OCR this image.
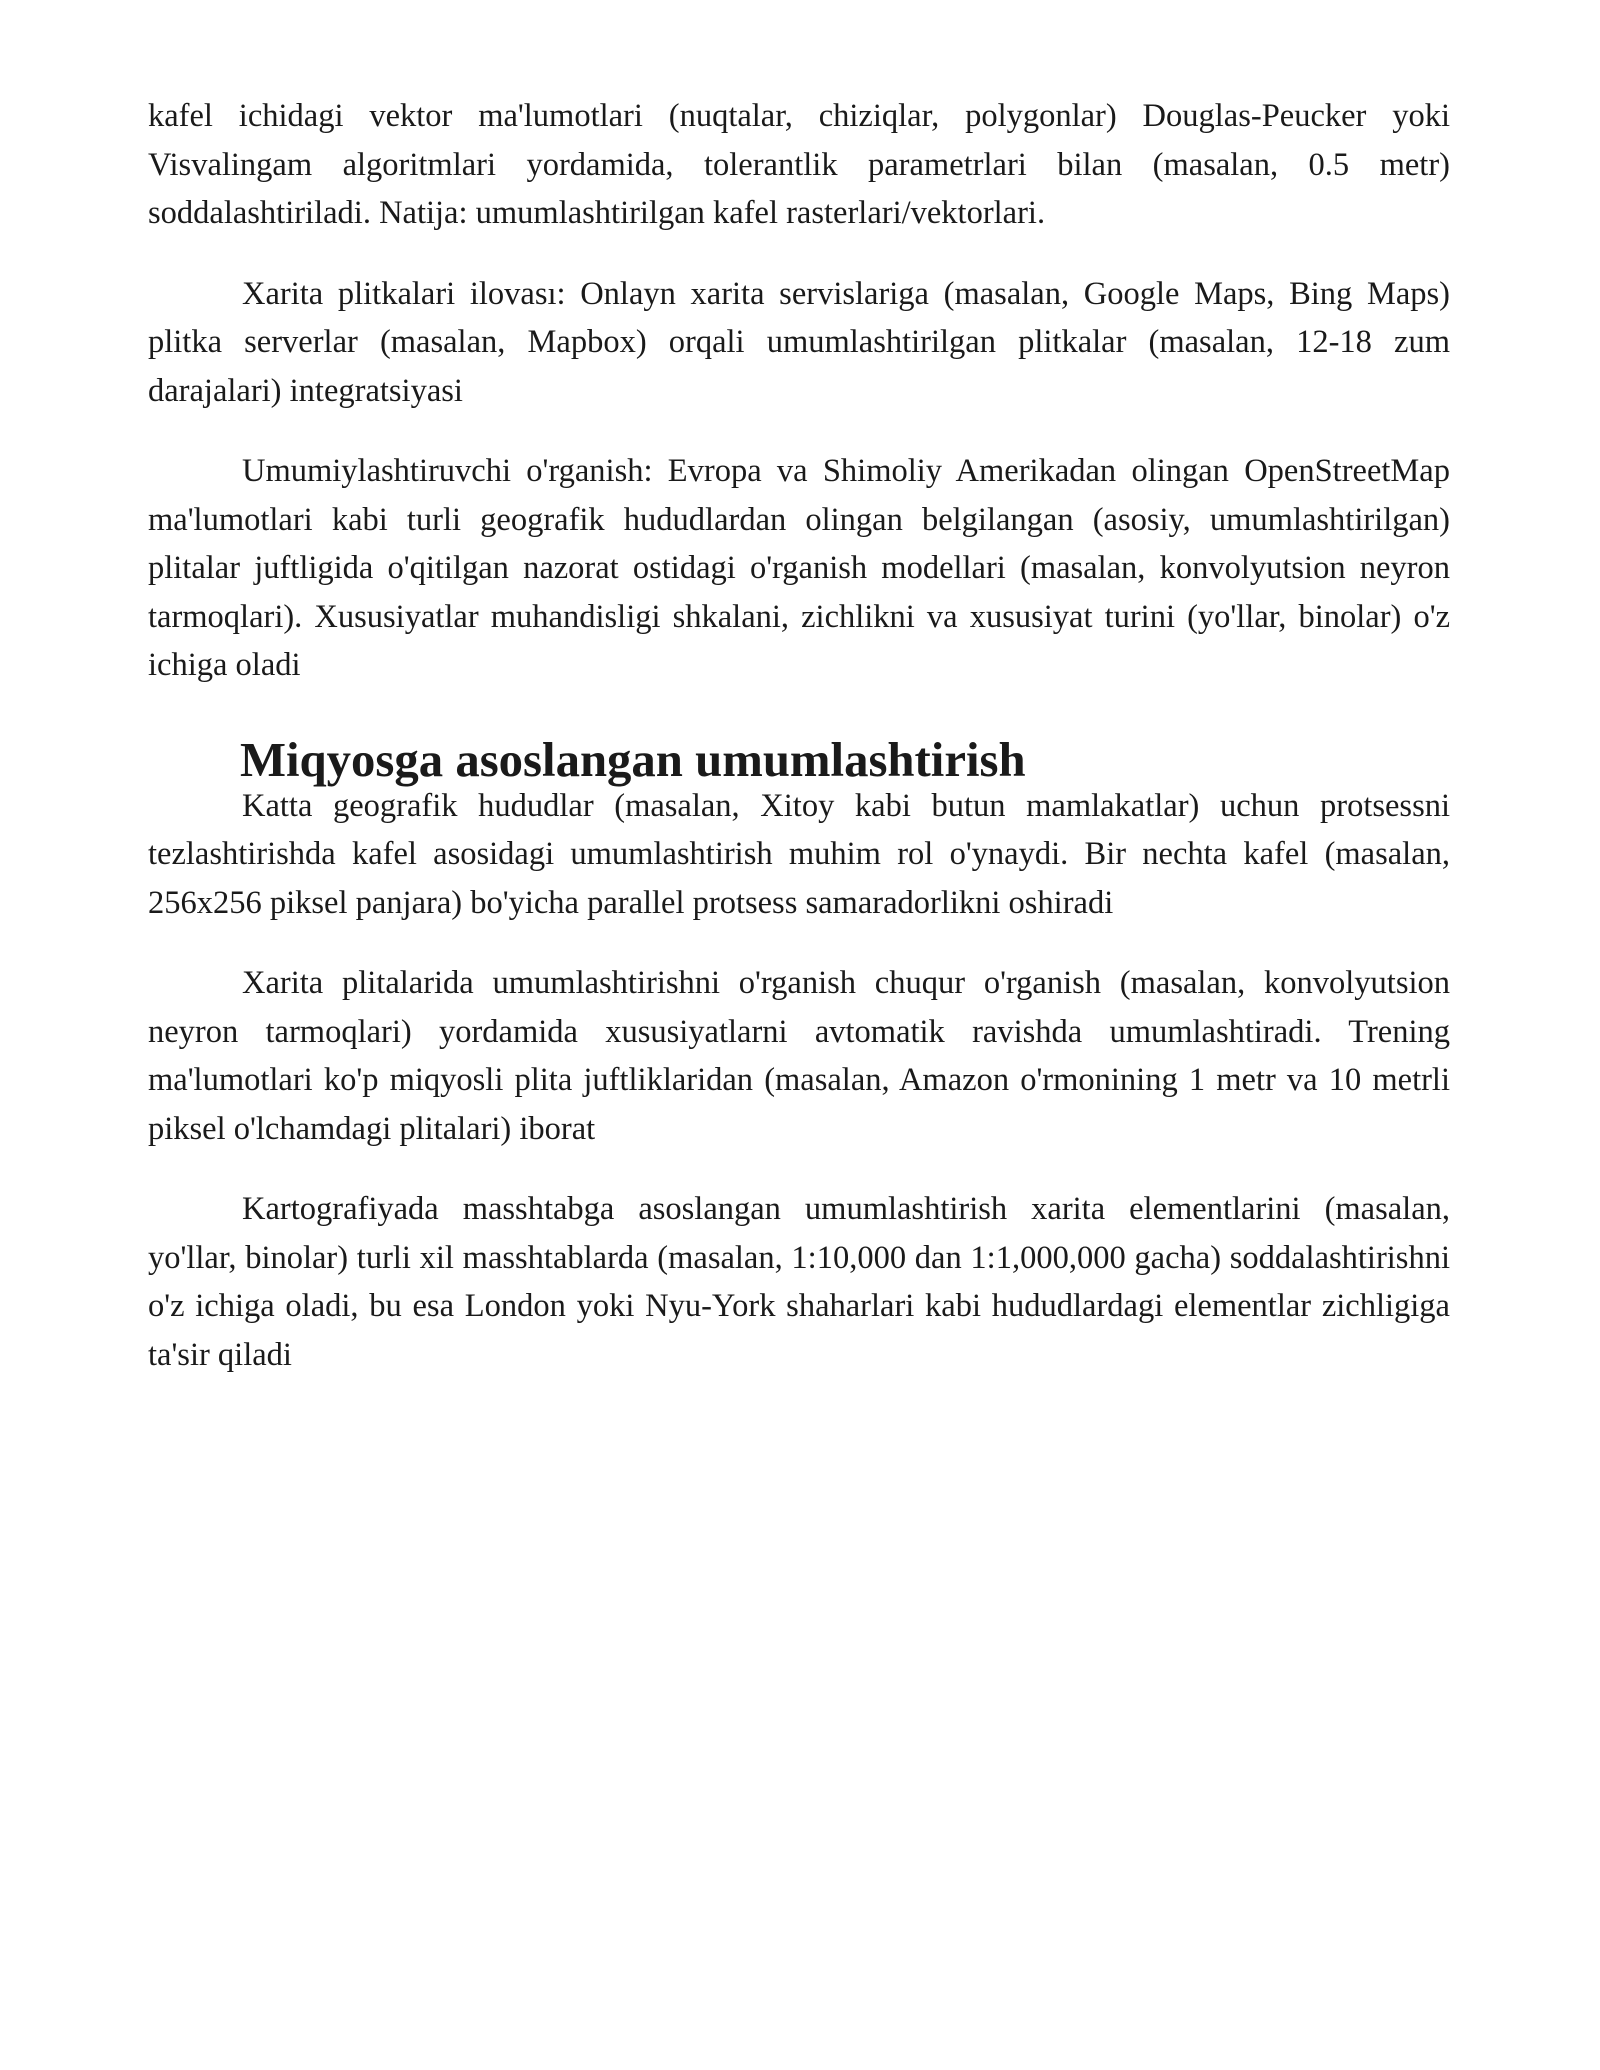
kafel ichidagi vektor ma'lumotlari (nuqtalar, chiziqlar, polygonlar) Douglas-Peucker yoki Visvalingam algoritmlari yordamida, tolerantlik parametrlari bilan (masalan, 0.5 metr) soddalashtiriladi. Natija: umumlashtirilgan kafel rasterlari/vektorlari.

Xarita plitkalari ilovası: Onlayn xarita servislariga (masalan, Google Maps, Bing Maps) plitka serverlar (masalan, Mapbox) orqali umumlashtirilgan plitkalar (masalan, 12-18 zum darajalari) integratsiyasi

Umumiylashtiruvchi o'rganish: Evropa va Shimoliy Amerikadan olingan OpenStreetMap ma'lumotlari kabi turli geografik hududlardan olingan belgilangan (asosiy, umumlashtirilgan) plitalar juftligida o'qitilgan nazorat ostidagi o'rganish modellari (masalan, konvolyutsion neyron tarmoqlari). Xususiyatlar muhandisligi shkalani, zichlikni va xususiyat turini (yo'llar, binolar) o'z ichiga oladi

Miqyosga asoslangan umumlashtirish

Katta geografik hududlar (masalan, Xitoy kabi butun mamlakatlar) uchun protsessni tezlashtirishda kafel asosidagi umumlashtirish muhim rol o'ynaydi. Bir nechta kafel (masalan, 256x256 piksel panjara) bo'yicha parallel protsess samaradorlikni oshiradi

Xarita plitalarida umumlashtirishni o'rganish chuqur o'rganish (masalan, konvolyutsion neyron tarmoqlari) yordamida xususiyatlarni avtomatik ravishda umumlashtiradi. Trening ma'lumotlari ko'p miqyosli plita juftliklaridan (masalan, Amazon o'rmonining 1 metr va 10 metrli piksel o'lchamdagi plitalari) iborat

Kartografiyada masshtabga asoslangan umumlashtirish xarita elementlarini (masalan, yo'llar, binolar) turli xil masshtablarda (masalan, 1:10,000 dan 1:1,000,000 gacha) soddalashtirishni o'z ichiga oladi, bu esa London yoki Nyu-York shaharlari kabi hududlardagi elementlar zichligiga ta'sir qiladi
